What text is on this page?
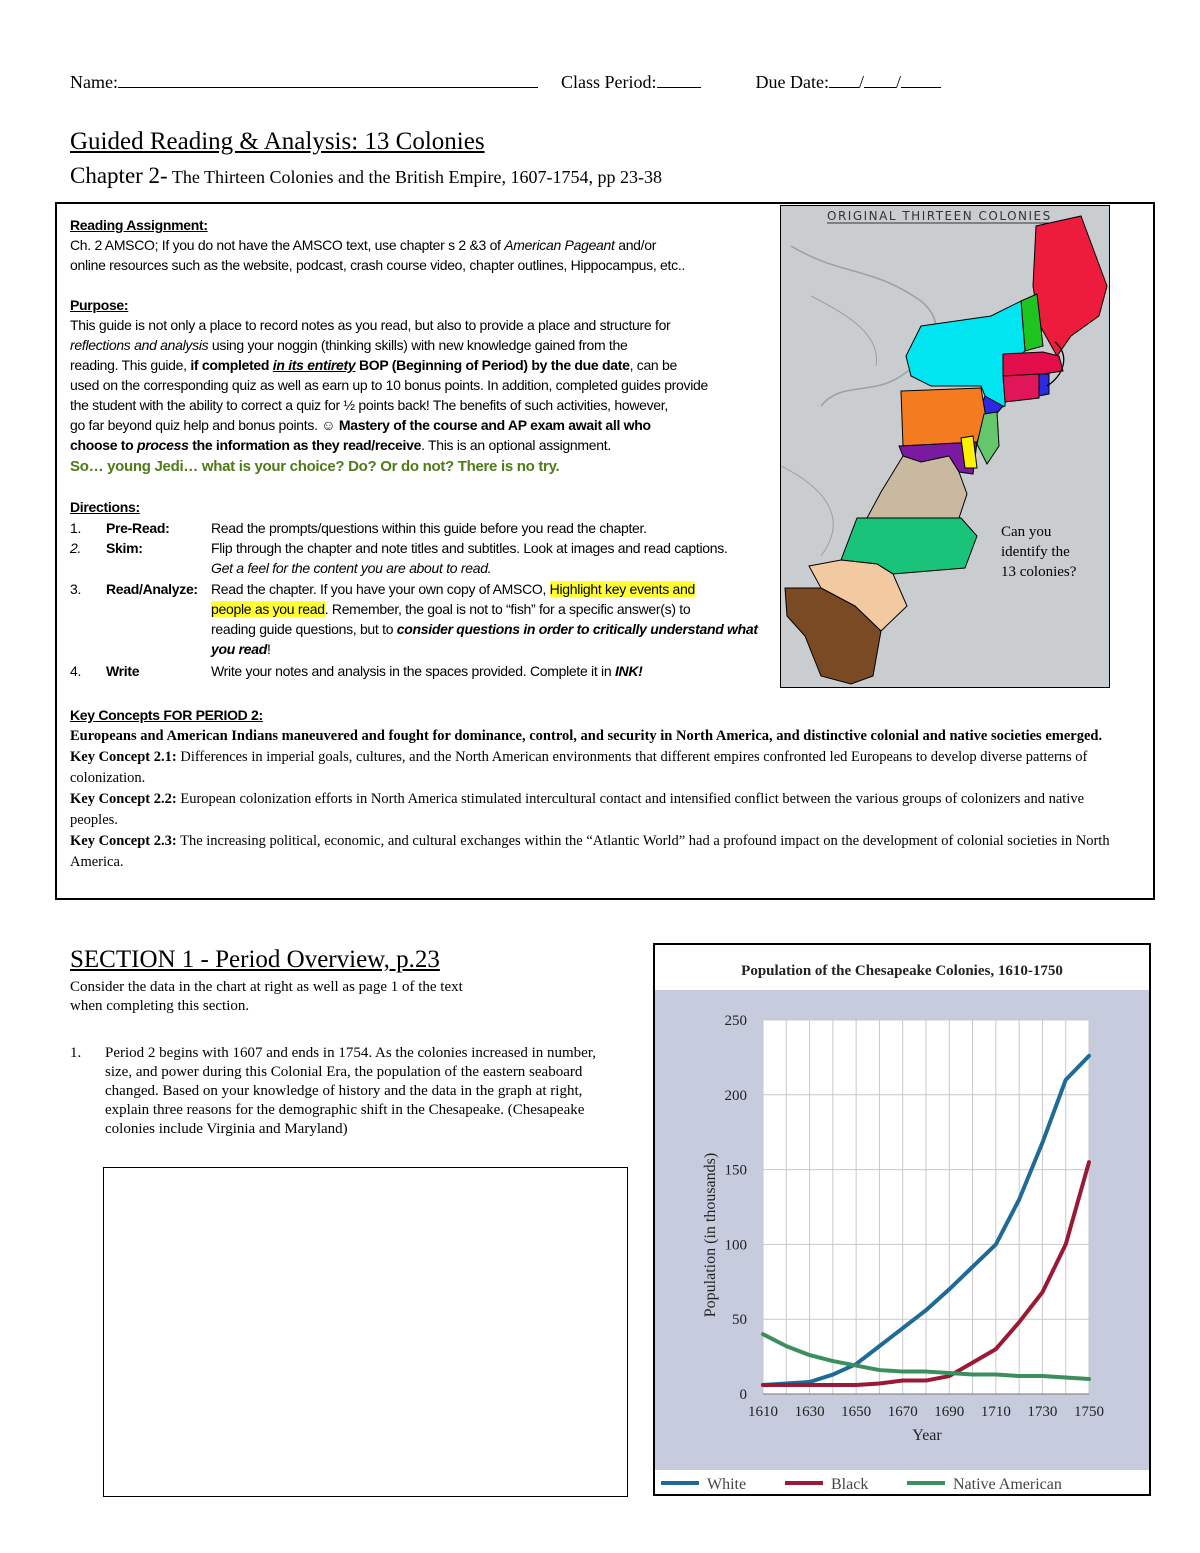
Name:	Class Period:	Due Date: / /
Guided Reading & Analysis: 13 Colonies
Chapter 2- The Thirteen Colonies and the British Empire, 1607-1754, pp 23-38
Reading Assignment:
Ch. 2 AMSCO; If you do not have the AMSCO text, use chapter s 2 &3 of American Pageant and/or
online resources such as the website, podcast, crash course video, chapter outlines, Hippocampus, etc..
Purpose:
This guide is not only a place to record notes as you read, but also to provide a place and structure for
reflections and analysis using your noggin (thinking skills) with new knowledge gained from the
reading. This guide, if completed in its entirety BOP (Beginning of Period) by the due date, can be
used on the corresponding quiz as well as earn up to 10 bonus points. In addition, completed guides provide
the student with the ability to correct a quiz for ½ points back! The benefits of such activities, however,
go far beyond quiz help and bonus points. ☺ Mastery of the course and AP exam await all who
choose to process the information as they read/receive. This is an optional assignment.
So… young Jedi… what is your choice? Do? Or do not? There is no try.
Directions:
1. Pre-Read:	Read the prompts/questions within this guide before you read the chapter.
2. Skim:	Flip through the chapter and note titles and subtitles. Look at images and read captions.
Get a feel for the content you are about to read.
3. Read/Analyze: Read the chapter. If you have your own copy of AMSCO, Highlight key events and
people as you read. Remember, the goal is not to “fish” for a specific answer(s) to
reading guide questions, but to consider questions in order to critically understand what you read!
4. Write	Write your notes and analysis in the spaces provided. Complete it in INK!
ORIGINAL THIRTEEN COLONIES
Can you
identify the
13 colonies?
Key Concepts FOR PERIOD 2:
Europeans and American Indians maneuvered and fought for dominance, control, and security in North America, and distinctive colonial and native societies emerged.
Key Concept 2.1: Differences in imperial goals, cultures, and the North American environments that different empires confronted led Europeans to develop diverse patterns of colonization.
Key Concept 2.2: European colonization efforts in North America stimulated intercultural contact and intensified conflict between the various groups of colonizers and native peoples.
Key Concept 2.3: The increasing political, economic, and cultural exchanges within the “Atlantic World” had a profound impact on the development of colonial societies in North America.
SECTION 1 - Period Overview, p.23
Consider the data in the chart at right as well as page 1 of the text when completing this section.
1. Period 2 begins with 1607 and ends in 1754. As the colonies increased in number, size, and power during this Colonial Era, the population of the eastern seaboard changed. Based on your knowledge of history and the data in the graph at right, explain three reasons for the demographic shift in the Chesapeake. (Chesapeake colonies include Virginia and Maryland)
Population of the Chesapeake Colonies, 1610-1750
1610 1630 1650 1670 1690 1710 1730 1750
0
50
100
150
200
250
Year
Population (in thousands)
White	Black	Native American
